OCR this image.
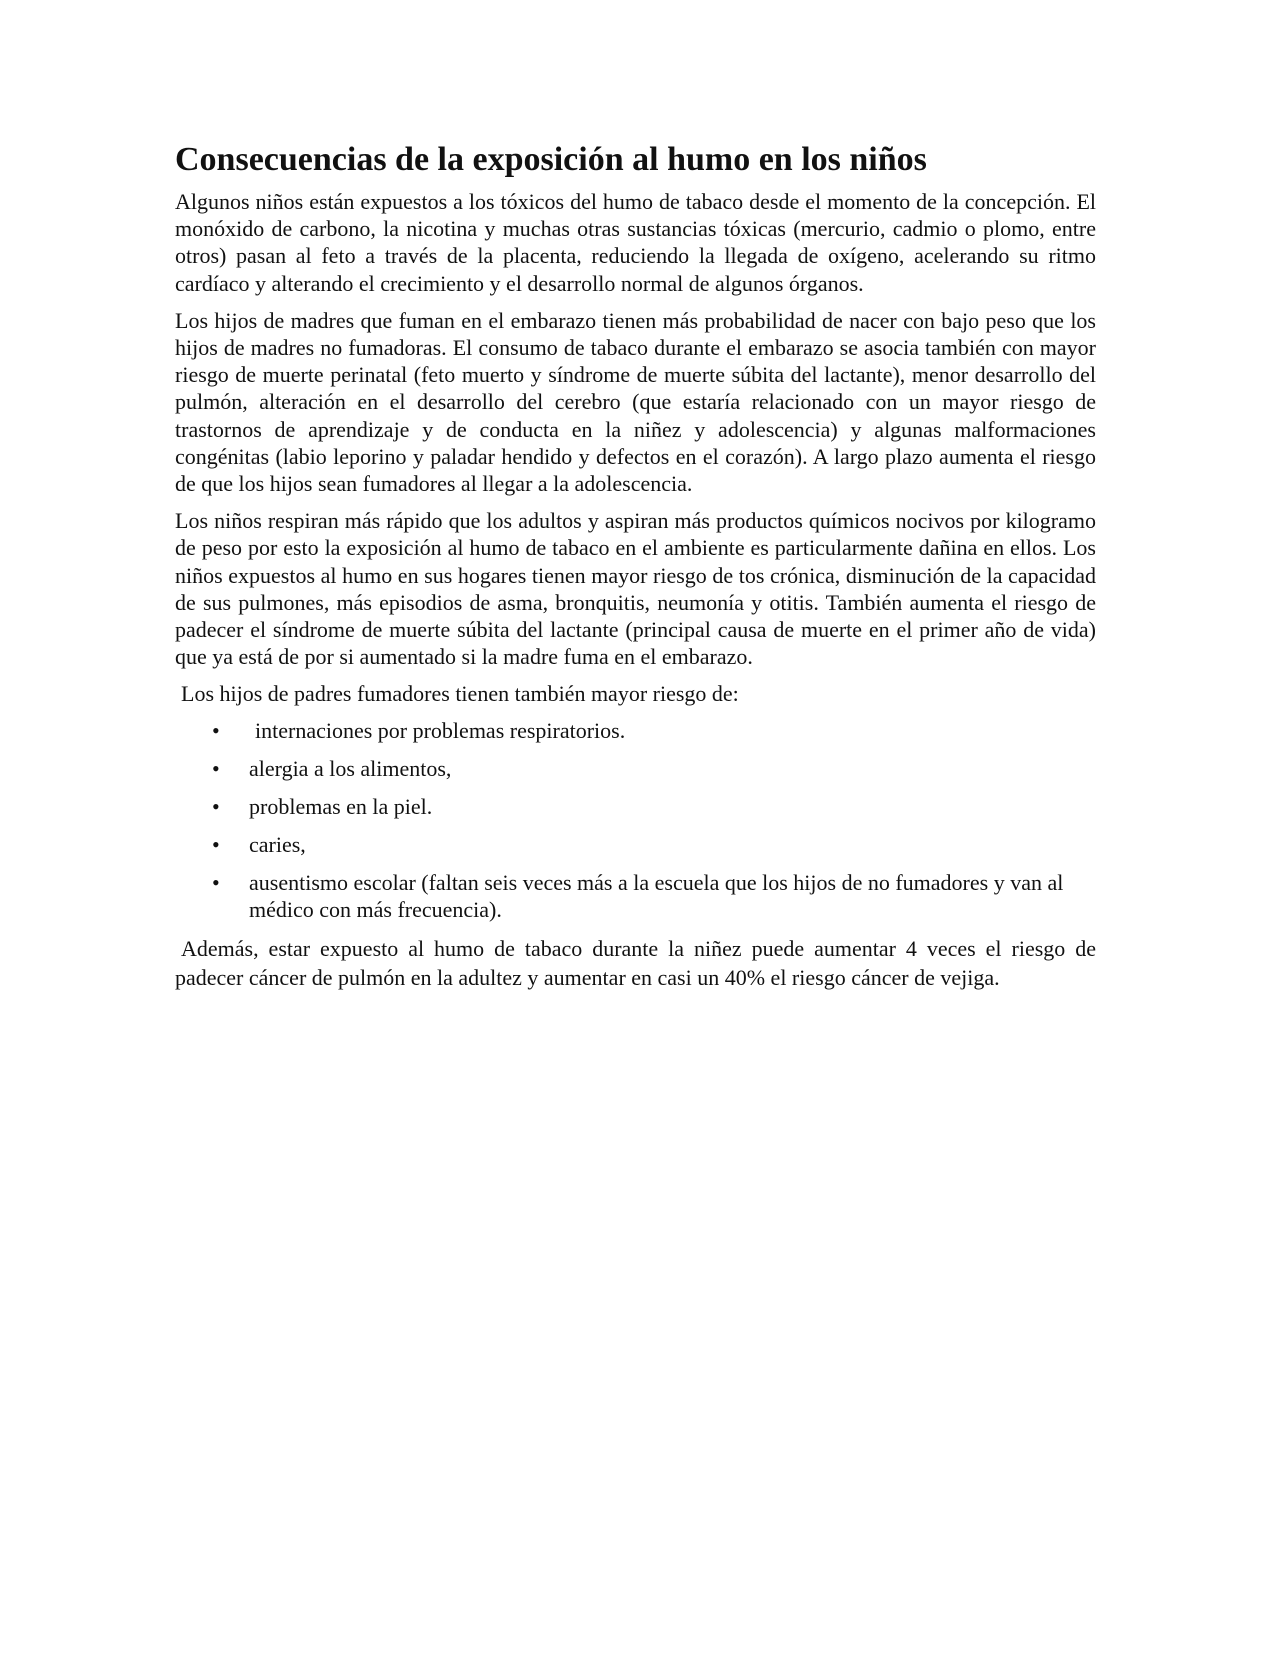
Consecuencias de la exposición al humo en los niños

Algunos niños están expuestos a los tóxicos del humo de tabaco desde el momento de la concepción. El monóxido de carbono, la nicotina y muchas otras sustancias tóxicas (mercurio, cadmio o plomo, entre otros) pasan al feto a través de la placenta, reduciendo la llegada de oxígeno, acelerando su ritmo cardíaco y alterando el crecimiento y el desarrollo normal de algunos órganos.

Los hijos de madres que fuman en el embarazo tienen más probabilidad de nacer con bajo peso que los hijos de madres no fumadoras. El consumo de tabaco durante el embarazo se asocia también con mayor riesgo de muerte perinatal (feto muerto y síndrome de muerte súbita del lactante), menor desarrollo del pulmón, alteración en el desarrollo del cerebro (que estaría relacionado con un mayor riesgo de trastornos de aprendizaje y de conducta en la niñez y adolescencia) y algunas malformaciones congénitas (labio leporino y paladar hendido y defectos en el corazón). A largo plazo aumenta el riesgo de que los hijos sean fumadores al llegar a la adolescencia.

Los niños respiran más rápido que los adultos y aspiran más productos químicos nocivos por kilogramo de peso por esto la exposición al humo de tabaco en el ambiente es particularmente dañina en ellos. Los niños expuestos al humo en sus hogares tienen mayor riesgo de tos crónica, disminución de la capacidad de sus pulmones, más episodios de asma, bronquitis, neumonía y otitis. También aumenta el riesgo de padecer el síndrome de muerte súbita del lactante (principal causa de muerte en el primer año de vida) que ya está de por si aumentado si la madre fuma en el embarazo.

Los hijos de padres fumadores tienen también mayor riesgo de:

• internaciones por problemas respiratorios.
• alergia a los alimentos,
• problemas en la piel.
• caries,
• ausentismo escolar (faltan seis veces más a la escuela que los hijos de no fumadores y van al médico con más frecuencia).

Además, estar expuesto al humo de tabaco durante la niñez puede aumentar 4 veces el riesgo de padecer cáncer de pulmón en la adultez y aumentar en casi un 40% el riesgo cáncer de vejiga.
